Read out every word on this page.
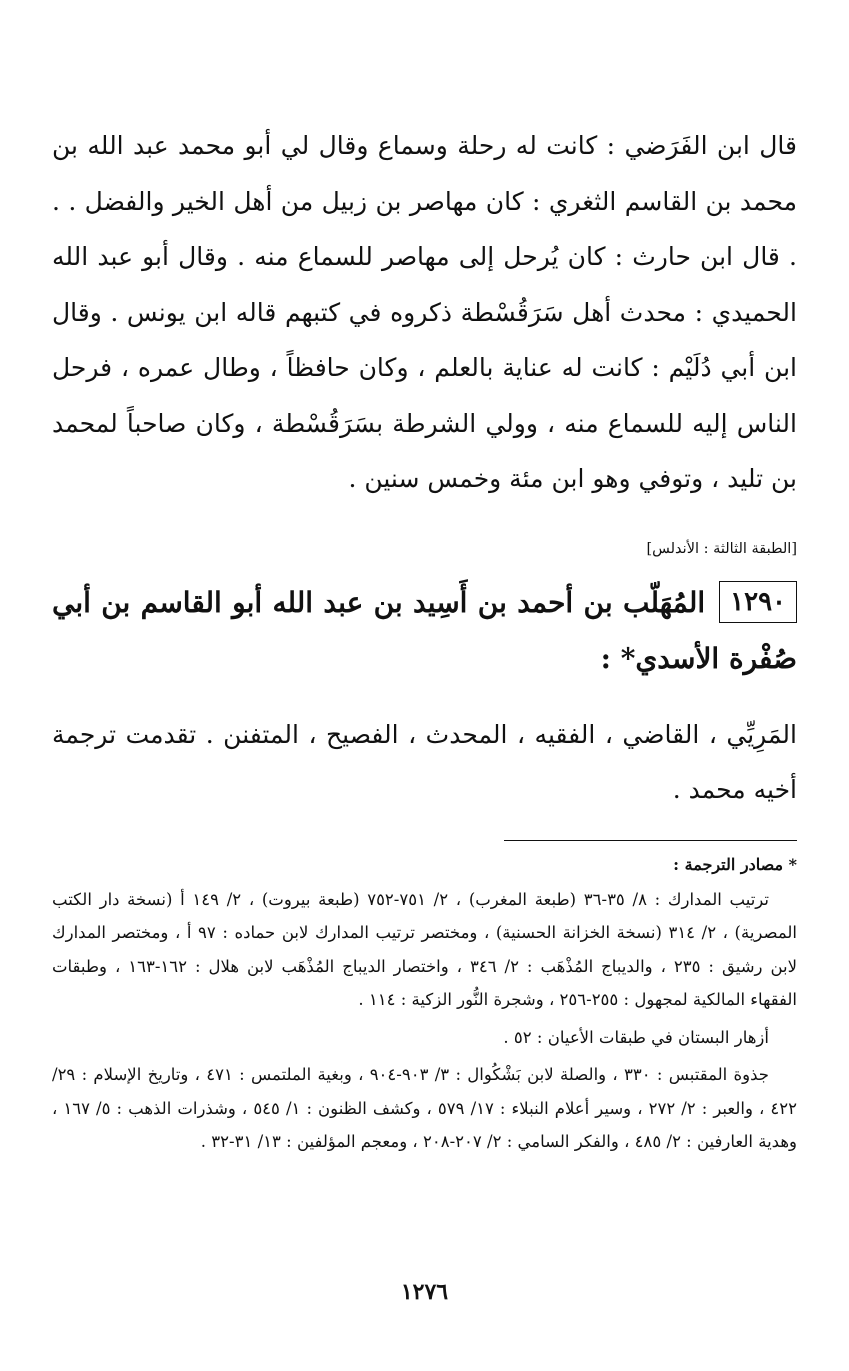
قال ابن الفَرَضي : كانت له رحلة وسماع وقال لي أبو محمد عبد الله بن محمد بن القاسم الثغري : كان مهاصر بن زبيل من أهل الخير والفضل . . . قال ابن حارث : كان يُرحل إلى مهاصر للسماع منه . وقال أبو عبد الله الحميدي : محدث أهل سَرَقُسْطة ذكروه في كتبهم قاله ابن يونس . وقال ابن أبي دُلَيْم : كانت له عناية بالعلم ، وكان حافظاً ، وطال عمره ، فرحل الناس إليه للسماع منه ، وولي الشرطة بسَرَقُسْطة ، وكان صاحباً لمحمد بن تليد ، وتوفي وهو ابن مئة وخمس سنين .

[الطبقة الثالثة : الأندلس]
١٢٩٠المُهَلّب بن أحمد بن أَسِيد بن عبد الله أبو القاسم بن أبي صُفْرة الأسدي* :

المَرِيِّي ، القاضي ، الفقيه ، المحدث ، الفصيح ، المتفنن . تقدمت ترجمة أخيه محمد .

* مصادر الترجمة :

ترتيب المدارك : ٨/ ٣٥-٣٦ (طبعة المغرب) ، ٢/ ٧٥١-٧٥٢ (طبعة بيروت) ، ٢/ ١٤٩ أ (نسخة دار الكتب المصرية) ، ٢/ ٣١٤ (نسخة الخزانة الحسنية) ، ومختصر ترتيب المدارك لابن حماده : ٩٧ أ ، ومختصر المدارك لابن رشيق : ٢٣٥ ، والديباج المُذْهَب : ٢/ ٣٤٦ ، واختصار الديباج المُذْهَب لابن هلال : ١٦٢-١٦٣ ، وطبقات الفقهاء المالكية لمجهول : ٢٥٥-٢٥٦ ، وشجرة النُّور الزكية : ١١٤ .

أزهار البستان في طبقات الأعيان : ٥٢ .

جذوة المقتبس : ٣٣٠ ، والصلة لابن بَشْكُوال : ٣/ ٩٠٣-٩٠٤ ، وبغية الملتمس : ٤٧١ ، وتاريخ الإسلام : ٢٩/ ٤٢٢ ، والعبر : ٢/ ٢٧٢ ، وسير أعلام النبلاء : ١٧/ ٥٧٩ ، وكشف الظنون : ١/ ٥٤٥ ، وشذرات الذهب : ٥/ ١٦٧ ، وهدية العارفين : ٢/ ٤٨٥ ، والفكر السامي : ٢/ ٢٠٧-٢٠٨ ، ومعجم المؤلفين : ١٣/ ٣١-٣٢ .

١٢٧٦
